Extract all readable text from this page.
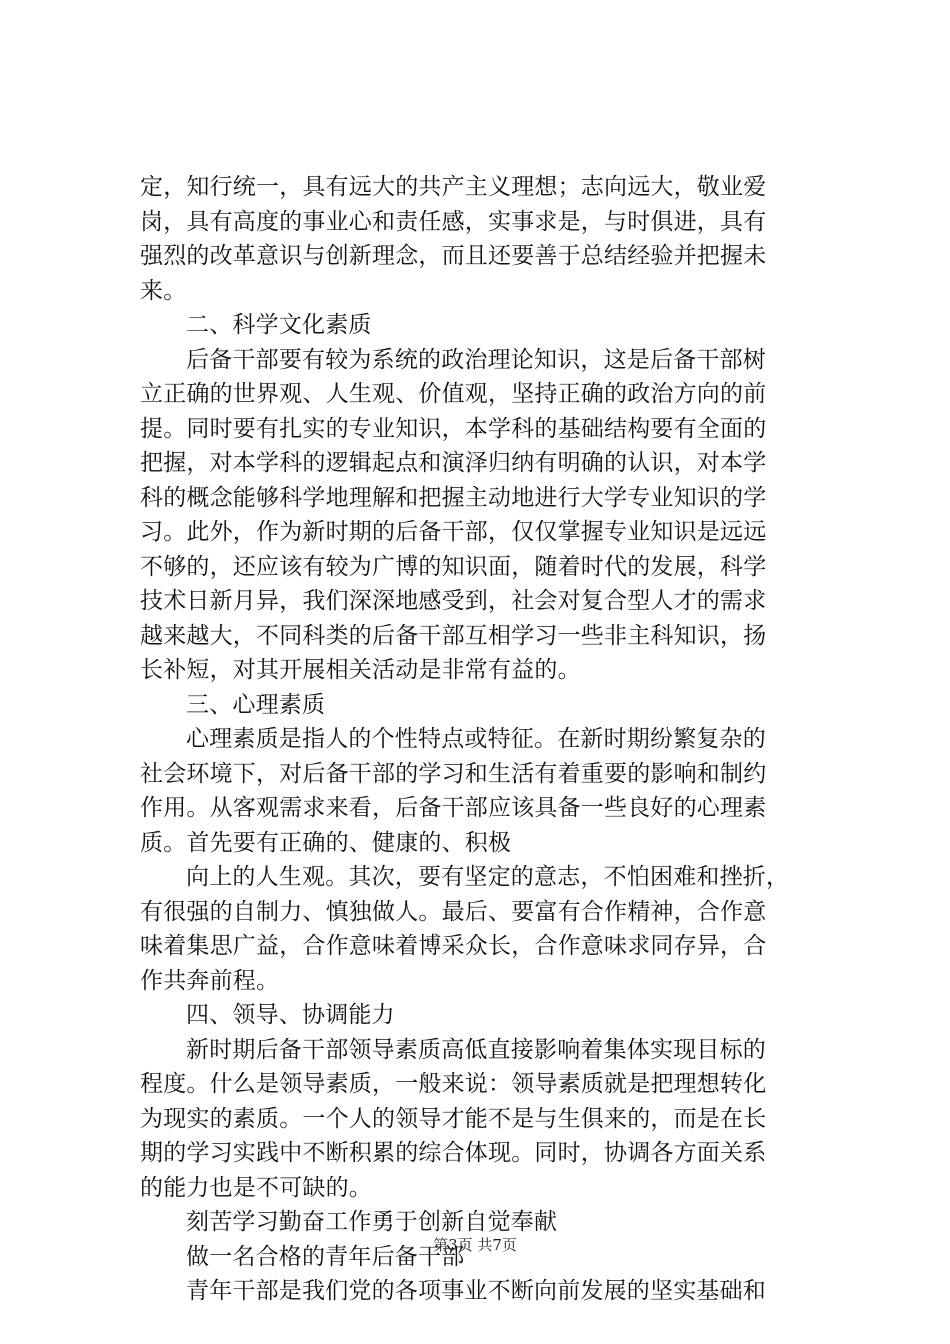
定，知行统一，具有远大的共产主义理想；志向远大，敬业爱
岗，具有高度的事业心和责任感，实事求是，与时俱进，具有
强烈的改革意识与创新理念，而且还要善于总结经验并把握未
来。
二、科学文化素质
后备干部要有较为系统的政治理论知识，这是后备干部树
立正确的世界观、人生观、价值观，坚持正确的政治方向的前
提。同时要有扎实的专业知识，本学科的基础结构要有全面的
把握，对本学科的逻辑起点和演泽归纳有明确的认识，对本学
科的概念能够科学地理解和把握主动地进行大学专业知识的学
习。此外，作为新时期的后备干部，仅仅掌握专业知识是远远
不够的，还应该有较为广博的知识面，随着时代的发展，科学
技术日新月异，我们深深地感受到，社会对复合型人才的需求
越来越大，不同科类的后备干部互相学习一些非主科知识，扬
长补短，对其开展相关活动是非常有益的。
三、心理素质
心理素质是指人的个性特点或特征。在新时期纷繁复杂的
社会环境下，对后备干部的学习和生活有着重要的影响和制约
作用。从客观需求来看，后备干部应该具备一些良好的心理素
质。首先要有正确的、健康的、积极
向上的人生观。其次，要有坚定的意志，不怕困难和挫折，
有很强的自制力、慎独做人。最后、要富有合作精神，合作意
味着集思广益，合作意味着博采众长，合作意味求同存异，合
作共奔前程。
四、领导、协调能力
新时期后备干部领导素质高低直接影响着集体实现目标的
程度。什么是领导素质，一般来说：领导素质就是把理想转化
为现实的素质。一个人的领导才能不是与生俱来的，而是在长
期的学习实践中不断积累的综合体现。同时，协调各方面关系
的能力也是不可缺的。
刻苦学习勤奋工作勇于创新自觉奉献
做一名合格的青年后备干部
青年干部是我们党的各项事业不断向前发展的坚实基础和
第3页 共7页
